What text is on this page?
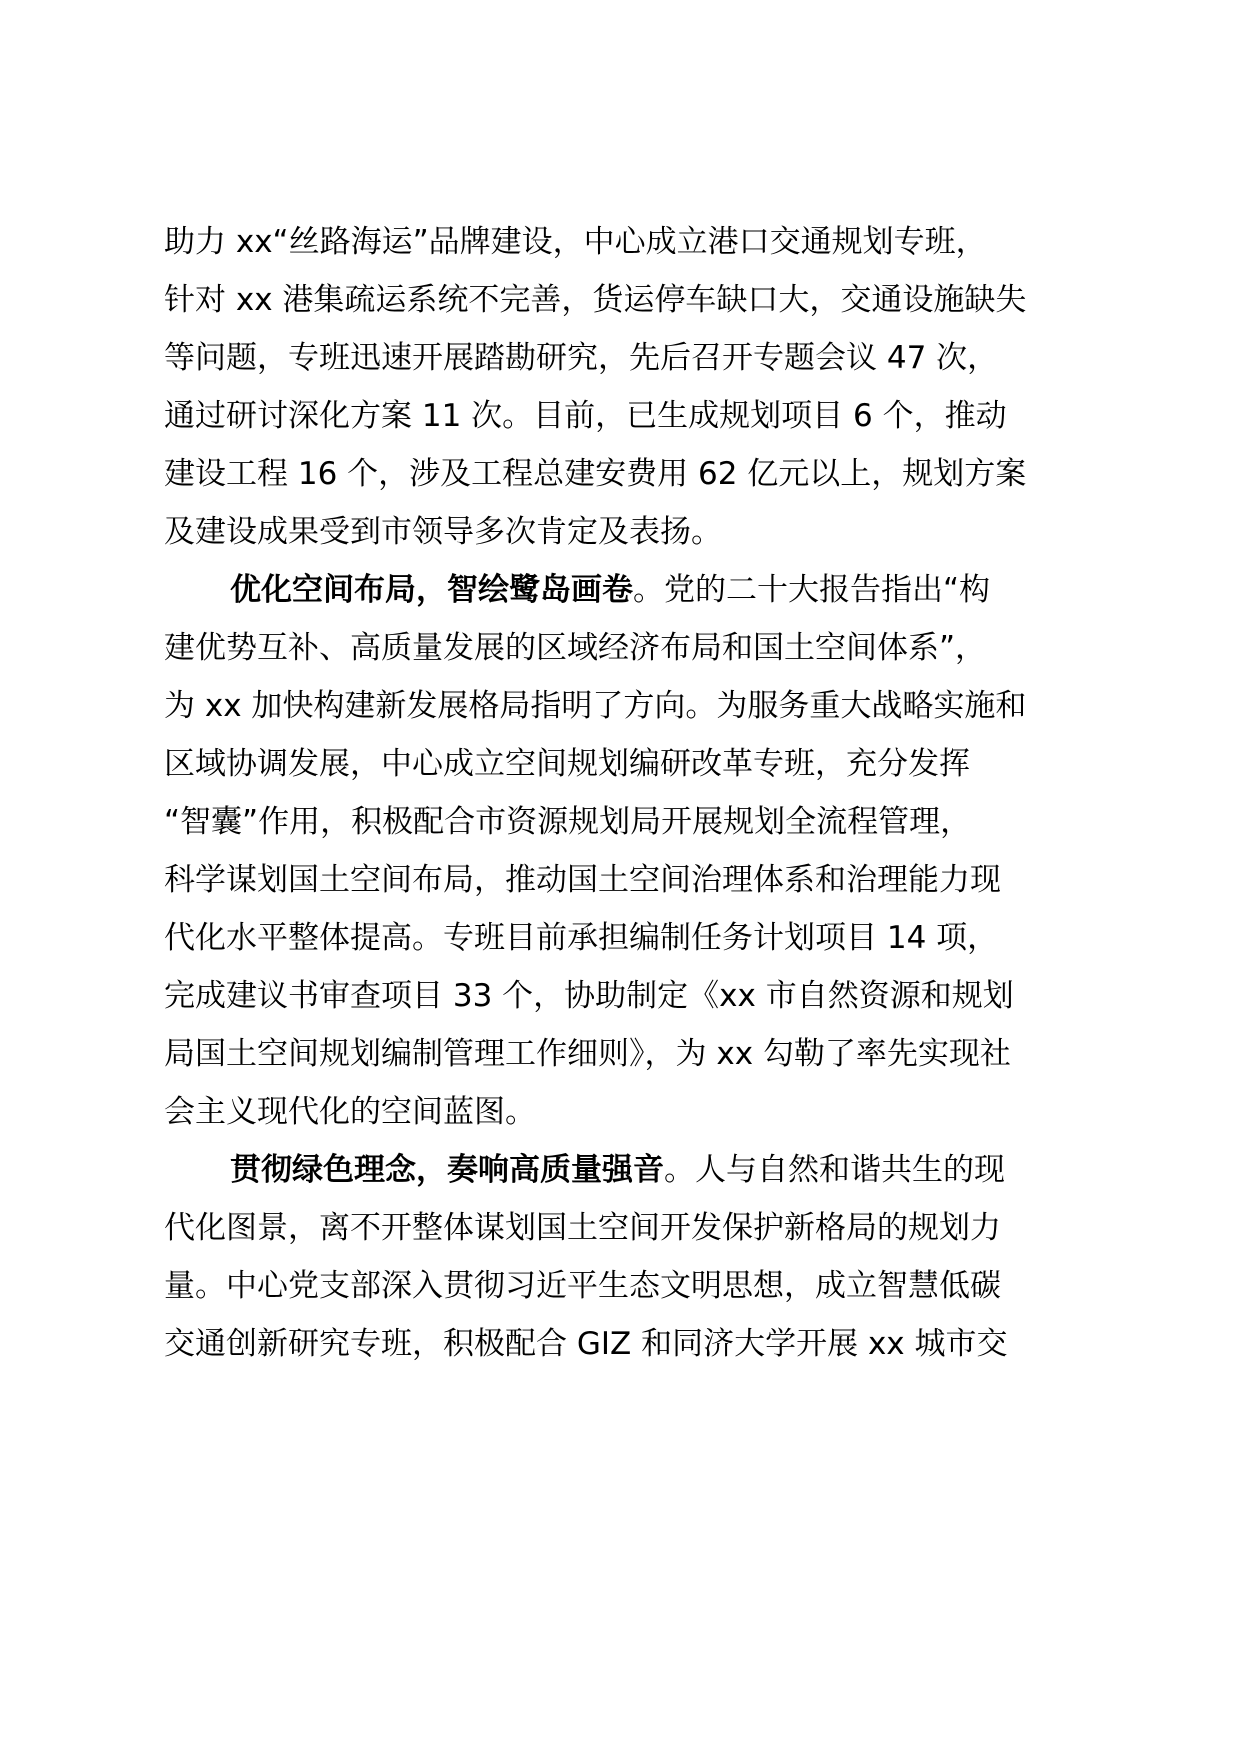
助力 xx“丝路海运”品牌建设，中心成立港口交通规划专班，
针对 xx 港集疏运系统不完善，货运停车缺口大，交通设施缺失
等问题，专班迅速开展踏勘研究，先后召开专题会议 47 次，
通过研讨深化方案 11 次。目前，已生成规划项目 6 个，推动
建设工程 16 个，涉及工程总建安费用 62 亿元以上，规划方案
及建设成果受到市领导多次肯定及表扬。
优化空间布局，智绘鹭岛画卷。党的二十大报告指出“构
建优势互补、高质量发展的区域经济布局和国土空间体系”，
为 xx 加快构建新发展格局指明了方向。为服务重大战略实施和
区域协调发展，中心成立空间规划编研改革专班，充分发挥
“智囊”作用，积极配合市资源规划局开展规划全流程管理，
科学谋划国土空间布局，推动国土空间治理体系和治理能力现
代化水平整体提高。专班目前承担编制任务计划项目 14 项，
完成建议书审查项目 33 个，协助制定《xx 市自然资源和规划
局国土空间规划编制管理工作细则》，为 xx 勾勒了率先实现社
会主义现代化的空间蓝图。
贯彻绿色理念，奏响高质量强音。人与自然和谐共生的现
代化图景，离不开整体谋划国土空间开发保护新格局的规划力
量。中心党支部深入贯彻习近平生态文明思想，成立智慧低碳
交通创新研究专班，积极配合 GIZ 和同济大学开展 xx 城市交
